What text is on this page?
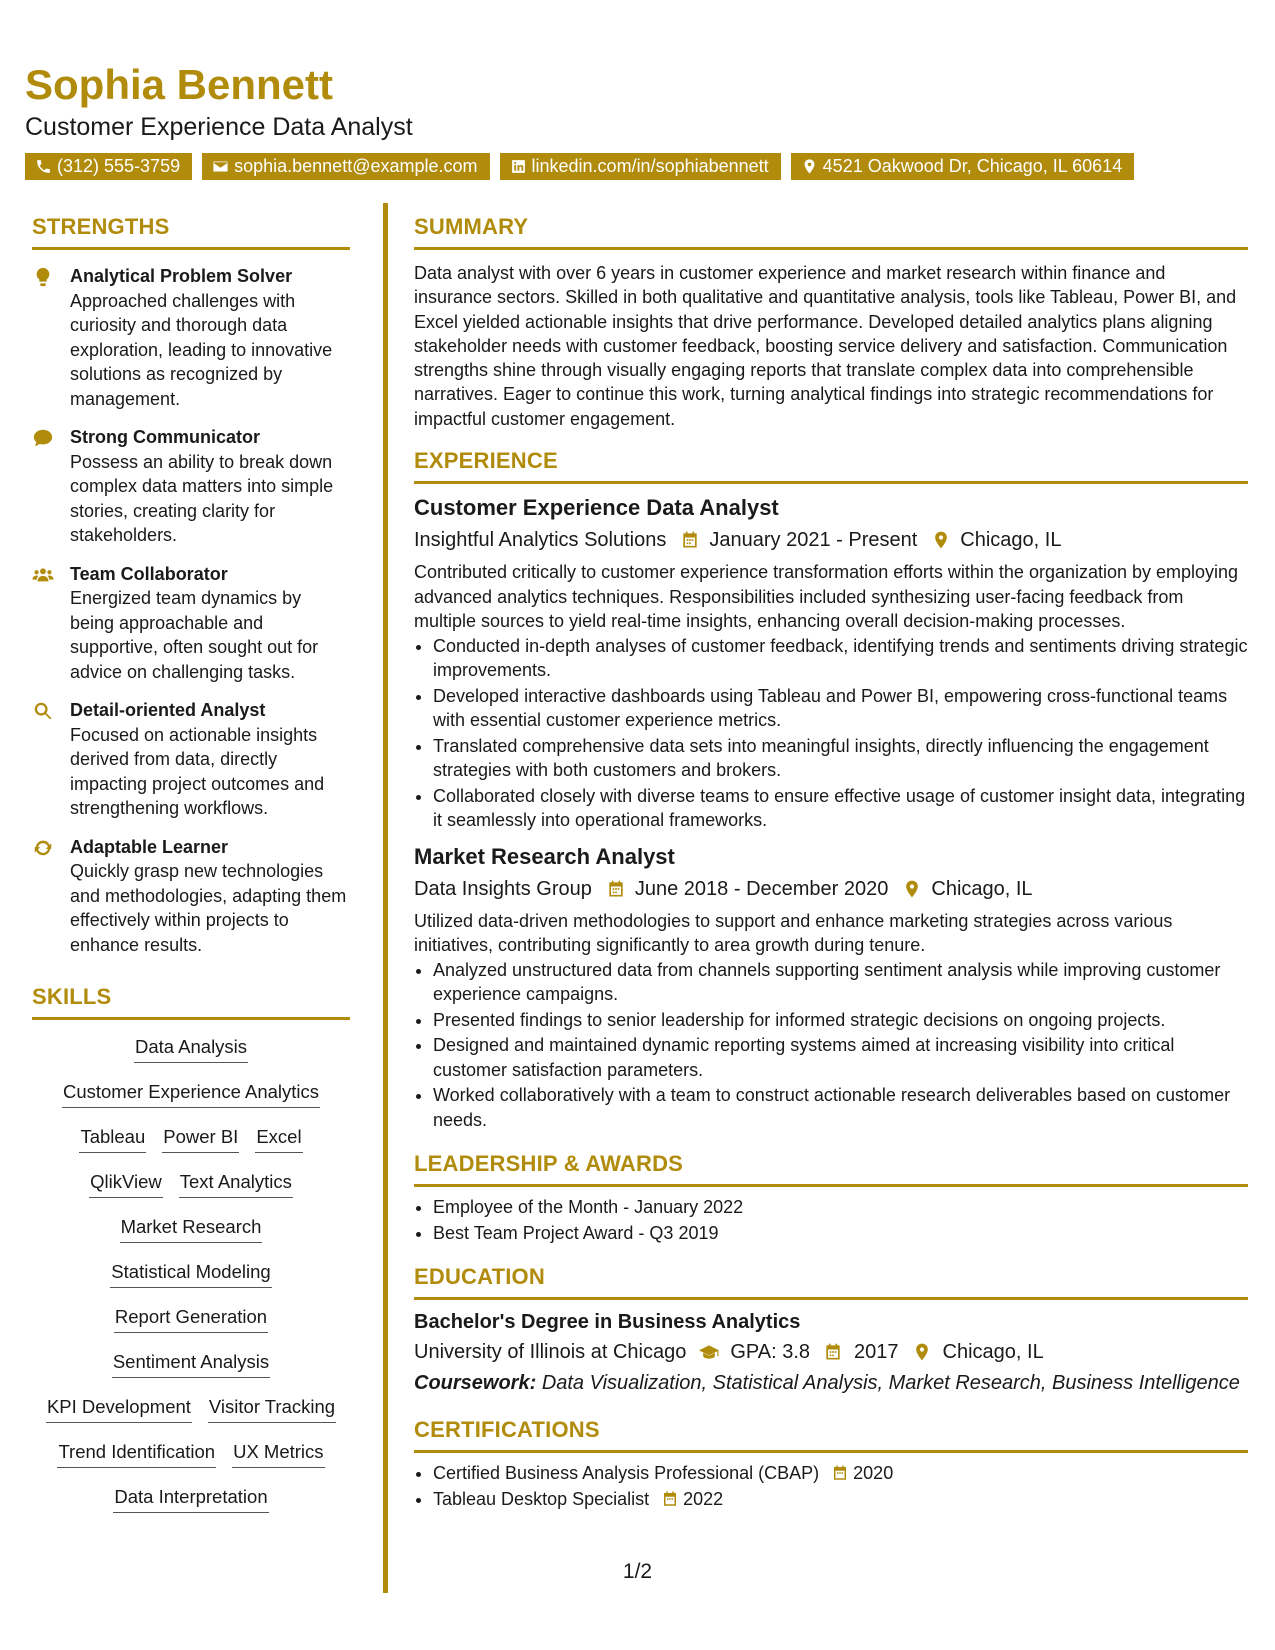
Sophia Bennett
Customer Experience Data Analyst
(312) 555-3759	sophia.bennett@example.com	linkedin.com/in/sophiabennett	4521 Oakwood Dr, Chicago, IL 60614
STRENGTHS
Analytical Problem Solver
Approached challenges with curiosity and thorough data exploration, leading to innovative solutions as recognized by management.
Strong Communicator
Possess an ability to break down complex data matters into simple stories, creating clarity for stakeholders.
Team Collaborator
Energized team dynamics by being approachable and supportive, often sought out for advice on challenging tasks.
Detail-oriented Analyst
Focused on actionable insights derived from data, directly impacting project outcomes and strengthening workflows.
Adaptable Learner
Quickly grasp new technologies and methodologies, adapting them effectively within projects to enhance results.
SKILLS
Data Analysis
Customer Experience Analytics
Tableau Power BI Excel
QlikView Text Analytics
Market Research
Statistical Modeling
Report Generation
Sentiment Analysis
KPI Development Visitor Tracking
Trend Identification UX Metrics
Data Interpretation
SUMMARY
Data analyst with over 6 years in customer experience and market research within finance and insurance sectors. Skilled in both qualitative and quantitative analysis, tools like Tableau, Power BI, and Excel yielded actionable insights that drive performance. Developed detailed analytics plans aligning stakeholder needs with customer feedback, boosting service delivery and satisfaction. Communication strengths shine through visually engaging reports that translate complex data into comprehensible narratives. Eager to continue this work, turning analytical findings into strategic recommendations for impactful customer engagement.
EXPERIENCE
Customer Experience Data Analyst
Insightful Analytics Solutions January 2021 - Present Chicago, IL
Contributed critically to customer experience transformation efforts within the organization by employing advanced analytics techniques. Responsibilities included synthesizing user-facing feedback from multiple sources to yield real-time insights, enhancing overall decision-making processes.
• Conducted in-depth analyses of customer feedback, identifying trends and sentiments driving strategic improvements.
• Developed interactive dashboards using Tableau and Power BI, empowering cross-functional teams with essential customer experience metrics.
• Translated comprehensive data sets into meaningful insights, directly influencing the engagement strategies with both customers and brokers.
• Collaborated closely with diverse teams to ensure effective usage of customer insight data, integrating it seamlessly into operational frameworks.
Market Research Analyst
Data Insights Group June 2018 - December 2020 Chicago, IL
Utilized data-driven methodologies to support and enhance marketing strategies across various initiatives, contributing significantly to area growth during tenure.
• Analyzed unstructured data from channels supporting sentiment analysis while improving customer experience campaigns.
• Presented findings to senior leadership for informed strategic decisions on ongoing projects.
• Designed and maintained dynamic reporting systems aimed at increasing visibility into critical customer satisfaction parameters.
• Worked collaboratively with a team to construct actionable research deliverables based on customer needs.
LEADERSHIP & AWARDS
• Employee of the Month - January 2022
• Best Team Project Award - Q3 2019
EDUCATION
Bachelor's Degree in Business Analytics
University of Illinois at Chicago GPA: 3.8 2017 Chicago, IL
Coursework: Data Visualization, Statistical Analysis, Market Research, Business Intelligence
CERTIFICATIONS
• Certified Business Analysis Professional (CBAP) 2020
• Tableau Desktop Specialist 2022
1/2
